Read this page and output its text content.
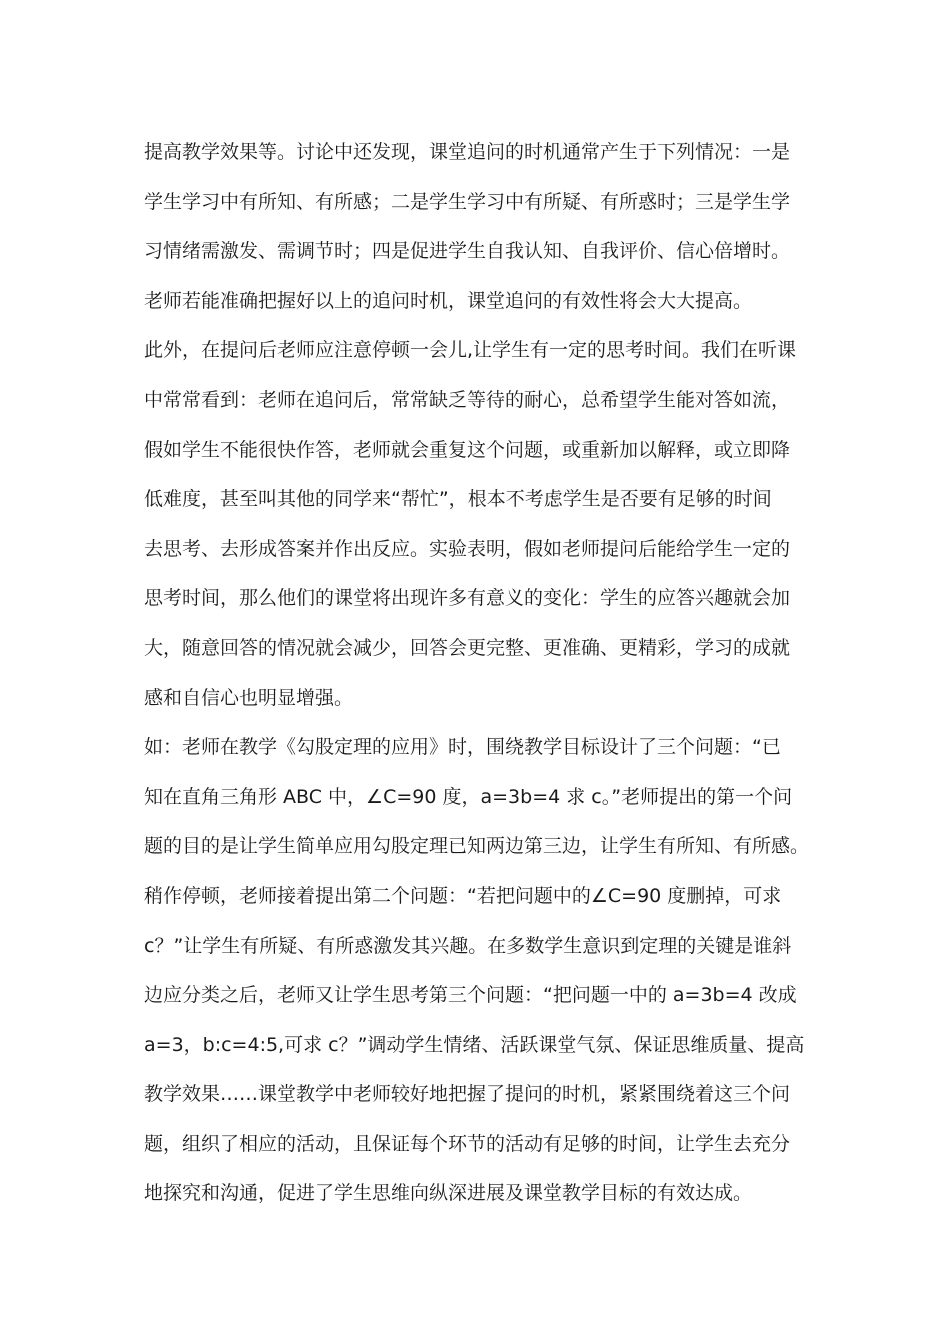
提高教学效果等。讨论中还发现，课堂追问的时机通常产生于下列情况：一是
学生学习中有所知、有所感；二是学生学习中有所疑、有所惑时；三是学生学
习情绪需激发、需调节时；四是促进学生自我认知、自我评价、信心倍增时。
老师若能准确把握好以上的追问时机，课堂追问的有效性将会大大提高。
此外，在提问后老师应注意停顿一会儿,让学生有一定的思考时间。我们在听课
中常常看到：老师在追问后，常常缺乏等待的耐心，总希望学生能对答如流，
假如学生不能很快作答，老师就会重复这个问题，或重新加以解释，或立即降
低难度，甚至叫其他的同学来“帮忙”，根本不考虑学生是否要有足够的时间
去思考、去形成答案并作出反应。实验表明，假如老师提问后能给学生一定的
思考时间，那么他们的课堂将出现许多有意义的变化：学生的应答兴趣就会加
大，随意回答的情况就会减少，回答会更完整、更准确、更精彩，学习的成就
感和自信心也明显增强。
如：老师在教学《勾股定理的应用》时，围绕教学目标设计了三个问题：“已
知在直角三角形 ABC 中，∠C=90 度，a=3b=4 求 c。”老师提出的第一个问
题的目的是让学生简单应用勾股定理已知两边第三边，让学生有所知、有所感。
稍作停顿，老师接着提出第二个问题：“若把问题中的∠C=90 度删掉，可求
c？”让学生有所疑、有所惑激发其兴趣。在多数学生意识到定理的关键是谁斜
边应分类之后，老师又让学生思考第三个问题：“把问题一中的 a=3b=4 改成
a=3，b:c=4:5,可求 c？”调动学生情绪、活跃课堂气氛、保证思维质量、提高
教学效果……课堂教学中老师较好地把握了提问的时机，紧紧围绕着这三个问
题，组织了相应的活动，且保证每个环节的活动有足够的时间，让学生去充分
地探究和沟通，促进了学生思维向纵深进展及课堂教学目标的有效达成。
